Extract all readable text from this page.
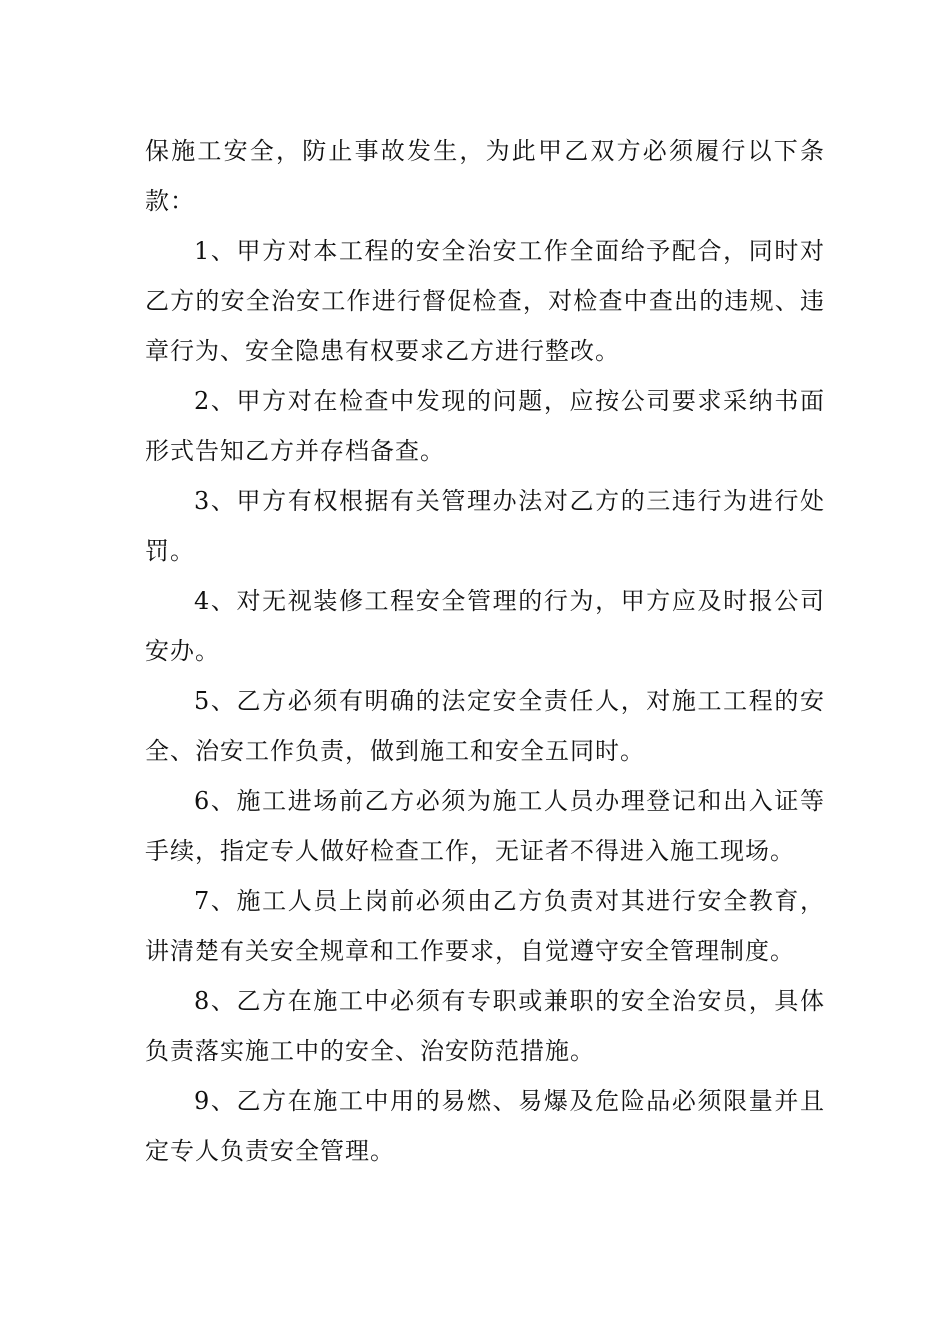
保施工安全，防止事故发生，为此甲乙双方必须履行以下条款：

1、甲方对本工程的安全治安工作全面给予配合，同时对乙方的安全治安工作进行督促检查，对检查中查出的违规、违章行为、安全隐患有权要求乙方进行整改。

2、甲方对在检查中发现的问题，应按公司要求采纳书面形式告知乙方并存档备查。

3、甲方有权根据有关管理办法对乙方的三违行为进行处罚。

4、对无视装修工程安全管理的行为，甲方应及时报公司安办。

5、乙方必须有明确的法定安全责任人，对施工工程的安全、治安工作负责，做到施工和安全五同时。

6、施工进场前乙方必须为施工人员办理登记和出入证等手续，指定专人做好检查工作，无证者不得进入施工现场。

7、施工人员上岗前必须由乙方负责对其进行安全教育，讲清楚有关安全规章和工作要求，自觉遵守安全管理制度。

8、乙方在施工中必须有专职或兼职的安全治安员，具体负责落实施工中的安全、治安防范措施。

9、乙方在施工中用的易燃、易爆及危险品必须限量并且定专人负责安全管理。
